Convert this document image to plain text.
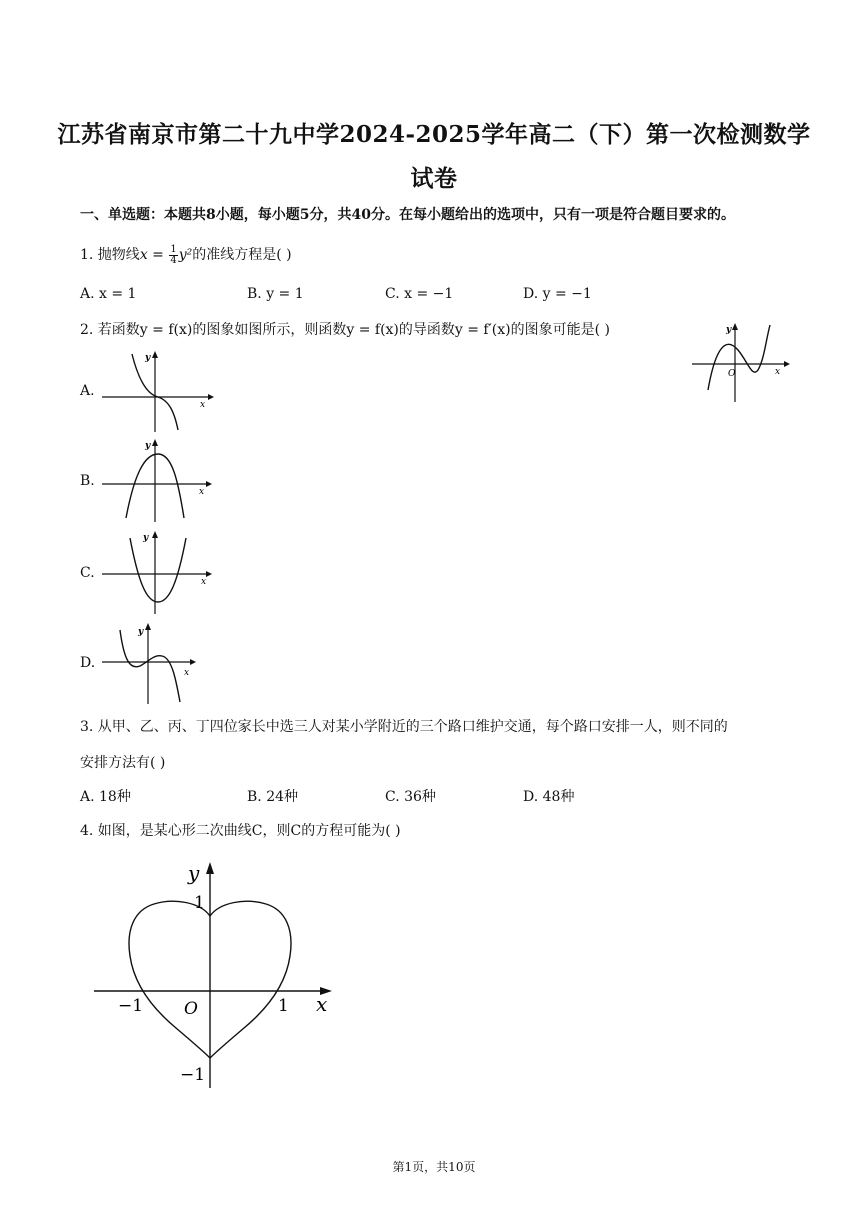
江苏省南京市第二十九中学2024-2025学年高二（下）第一次检测数学
试卷
一、单选题：本题共8小题，每小题5分，共40分。在每小题给出的选项中，只有一项是符合题目要求的。
1. 抛物线$x = \frac{1}{4} y^2$的准线方程是( )
A. x = 1	B. y = 1	C. x = −1	D. y = −1
2. 若函数y = f(x)的图象如图所示，则函数y = f(x)的导函数y = f′(x)的图象可能是( )	y
x
O
A.
y
x
B.
y
x
C.
y
x
D.
y
x
3. 从甲、乙、丙、丁四位家长中选三人对某小学附近的三个路口维护交通，每个路口安排一人，则不同的
安排方法有( )
A. 18种	B. 24种	C. 36种	D. 48种
4. 如图，是某心形二次曲线C，则C的方程可能为( )
y
1
−1 O	1 x
−1
第1页，共10页
